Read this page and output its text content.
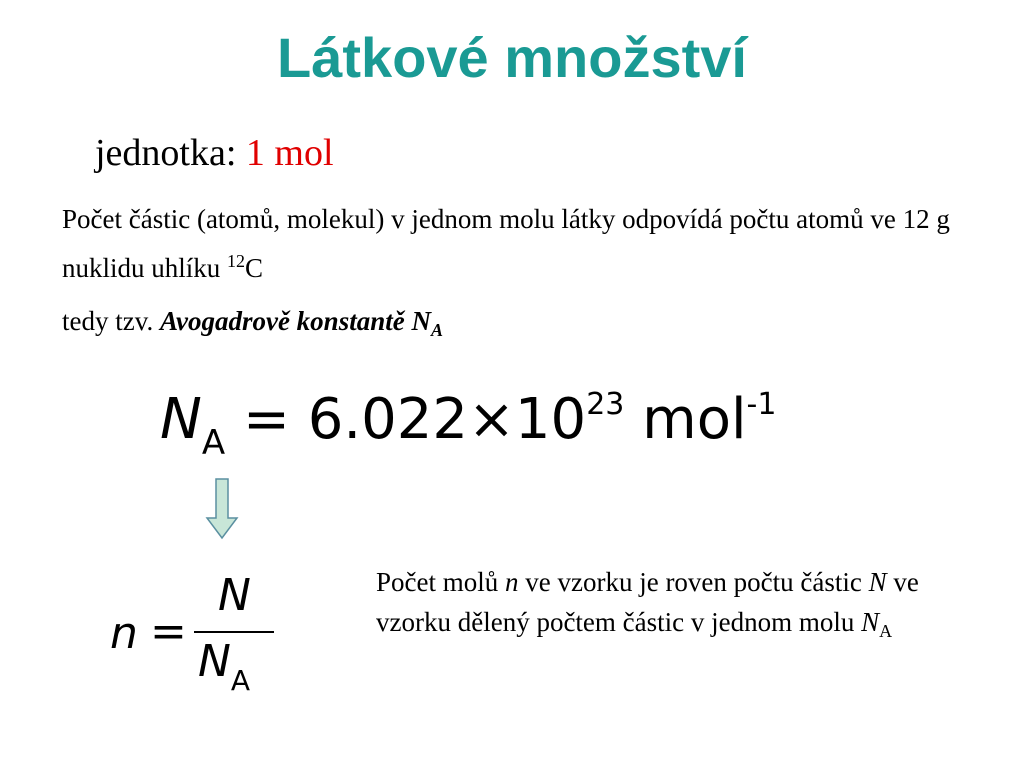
Látkové množství
jednotka: 1 mol
Počet částic (atomů, molekul) v jednom molu látky odpovídá počtu atomů ve 12 g nuklidu uhlíku $^{12}$C
tedy tzv. Avogadrově konstantě $N_A$
$N_A = 6.022\times 10^{23}$ mol$^{-1}$
n =
N
$N_A$
Počet molů n ve vzorku je roven počtu částic N ve vzorku dělený počtem částic v jednom molu $N_A$
